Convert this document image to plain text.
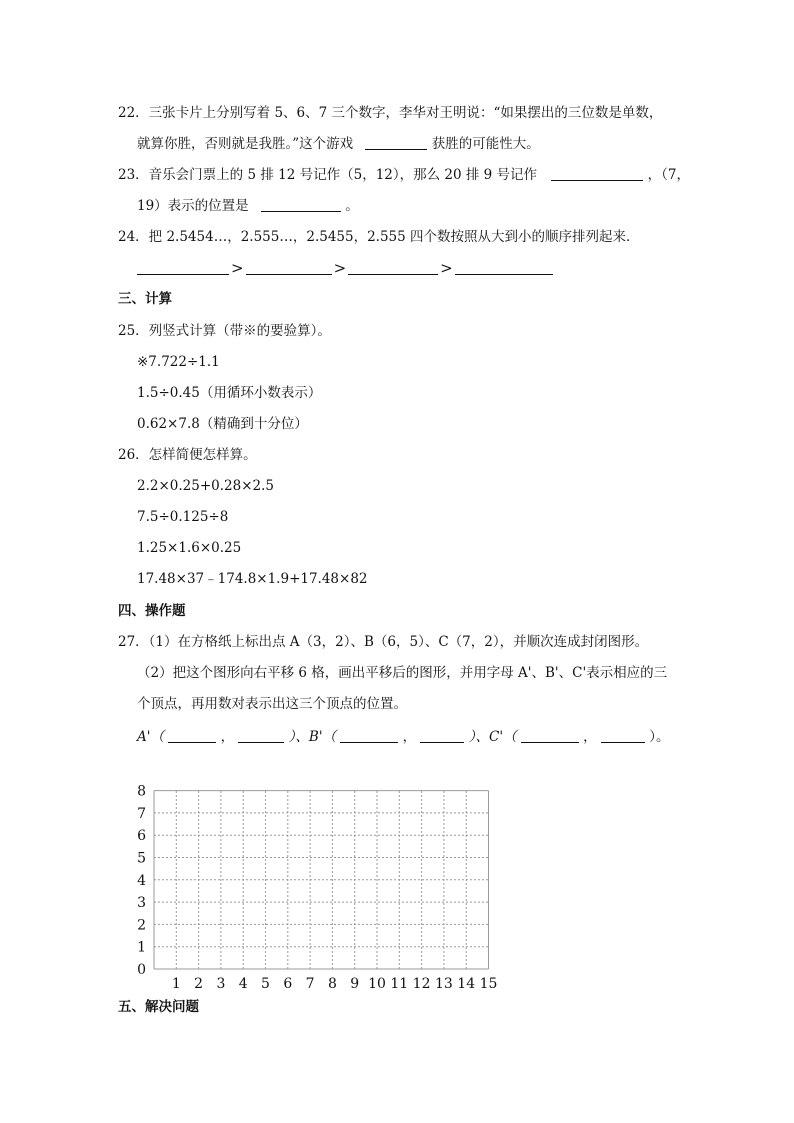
22．三张卡片上分别写着 5、6、7 三个数字，李华对王明说：“如果摆出的三位数是单数，
就算你胜，否则就是我胜。”这个游戏	获胜的可能性大。
23．音乐会门票上的 5 排 12 号记作（5，12），那么 20 排 9 号记作	，（7，
19）表示的位置是	。
24．把 2.5454…，2.555…，2.5455，2.555 四个数按照从大到小的顺序排列起来．
>	>	>
三、计算
25．列竖式计算（带※的要验算）。
※7.722÷1.1
1.5÷0.45（用循环小数表示）
0.62×7.8（精确到十分位）
26．怎样简便怎样算。
2.2×0.25+0.28×2.5
7.5÷0.125÷8
1.25×1.6×0.25
17.48×37﹣174.8×1.9+17.48×82
四、操作题
27．（1）在方格纸上标出点 A（3，2）、B（6，5）、C（7，2），并顺次连成封闭图形。
（2）把这个图形向右平移 6 格，画出平移后的图形，并用字母 A'、B'、C'表示相应的三
个顶点，再用数对表示出这三个顶点的位置。
A'（	，	）、B'（	，	）、C'（	，	）。
1 2 3 4 5 6 7 8 9 10 11 12 13 14 15
0
1
2
3
4
5
6
7
8
五、解决问题
